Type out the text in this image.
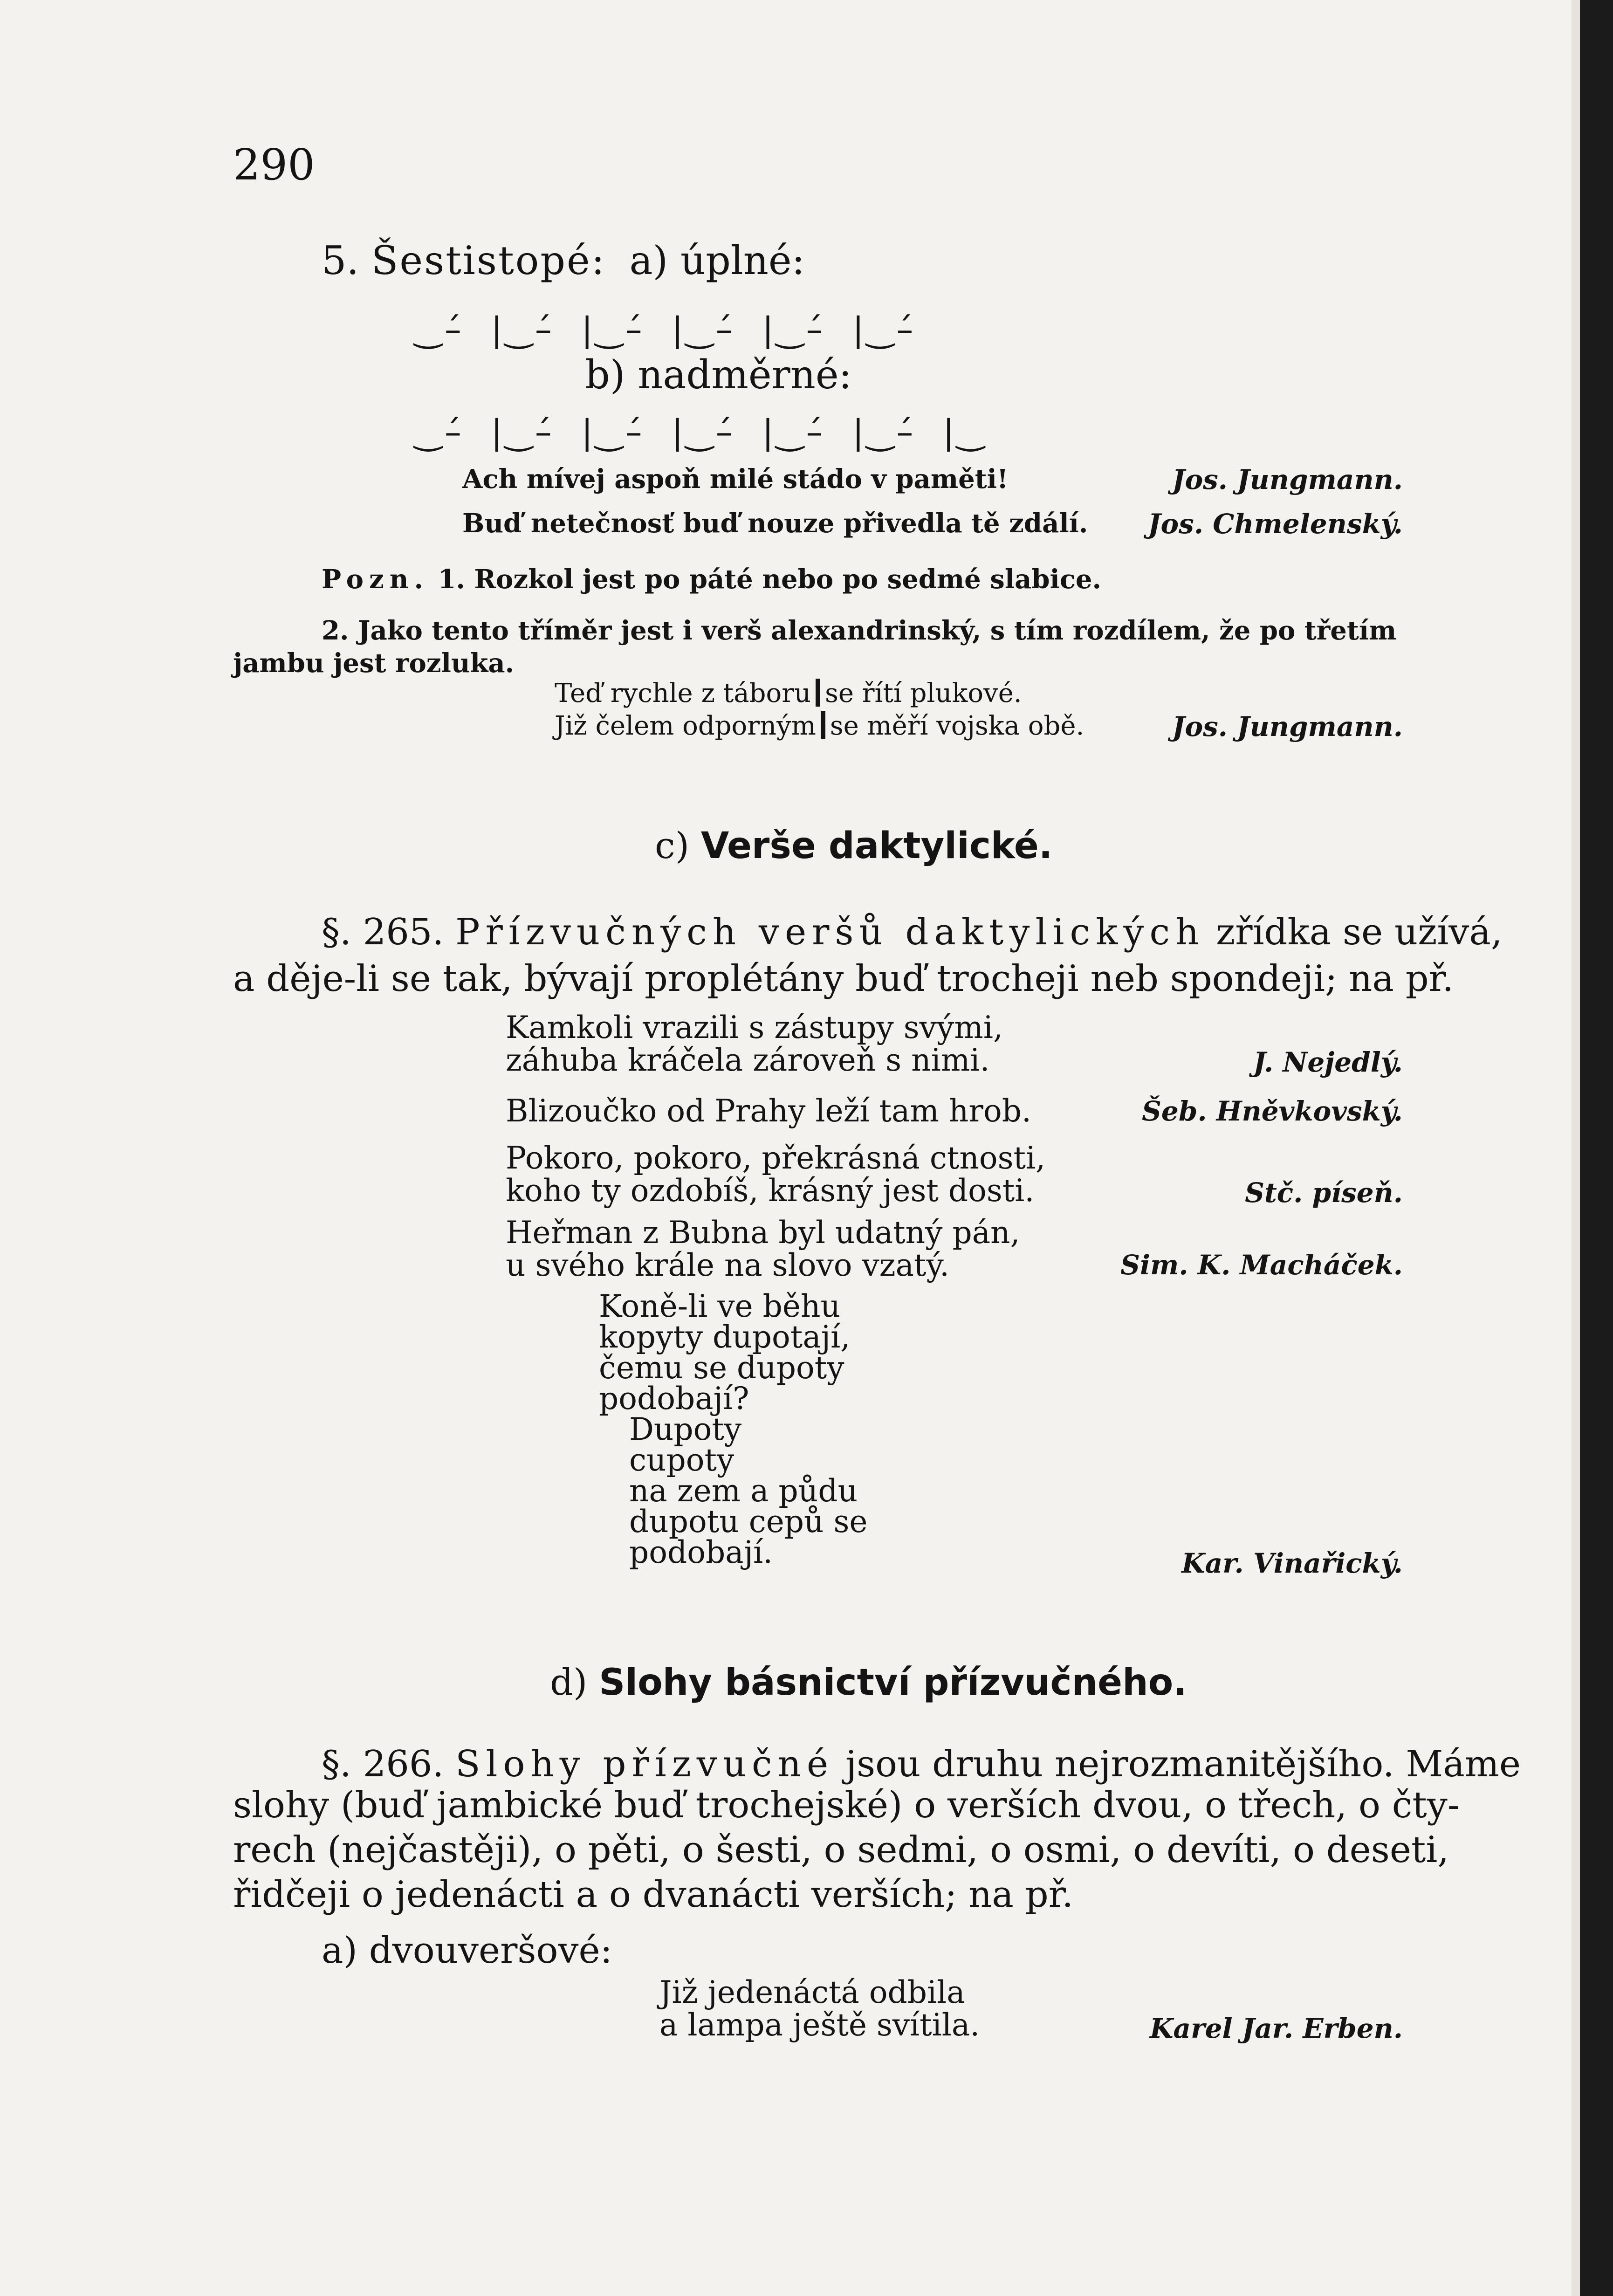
290
5. Šestistopé:  a) úplné:
‿–́  |‿–́  |‿–́  |‿–́  |‿–́  |‿–́
b) nadměrné:
‿–́  |‿–́  |‿–́  |‿–́  |‿–́  |‿–́  |‿
Ach mívej aspoň milé stádo v paměti!	Jos. Jungmann.
Buď netečnosť buď nouze přivedla tě zdálí.	Jos. Chmelenský.
Pozn. 1. Rozkol jest po páté nebo po sedmé slabice.
2. Jako tento tříměr jest i verš alexandrinský, s tím rozdílem, že po třetím
jambu jest rozluka.
Teď rychle z táboru se řítí plukové.
Již čelem odporným se měří vojska obě.	Jos. Jungmann.
c) Verše daktylické.
§. 265. Přízvučných veršů daktylických zřídka se užívá,
a děje-li se tak, bývají proplétány buď trocheji neb spondeji; na př.
Kamkoli vrazili s zástupy svými,
záhuba kráčela zároveň s nimi.	J. Nejedlý.
Blizoučko od Prahy leží tam hrob.	Šeb. Hněvkovský.
Pokoro, pokoro, překrásná ctnosti,
koho ty ozdobíš, krásný jest dosti.	Stč. píseň.
Heřman z Bubna byl udatný pán,
u svého krále na slovo vzatý.	Sim. K. Macháček.
Koně-li ve běhu
kopyty dupotají,
čemu se dupoty
podobají?
Dupoty
cupoty
na zem a půdu
dupotu cepů se
podobají.	Kar. Vinařický.
d) Slohy básnictví přízvučného.
§. 266. Slohy přízvučné jsou druhu nejrozmanitějšího. Máme
slohy (buď jambické buď trochejské) o verších dvou, o třech, o čty-
rech (nejčastěji), o pěti, o šesti, o sedmi, o osmi, o devíti, o deseti,
řidčeji o jedenácti a o dvanácti verších; na př.
a) dvouveršové:
Již jedenáctá odbila
a lampa ještě svítila.	Karel Jar. Erben.
